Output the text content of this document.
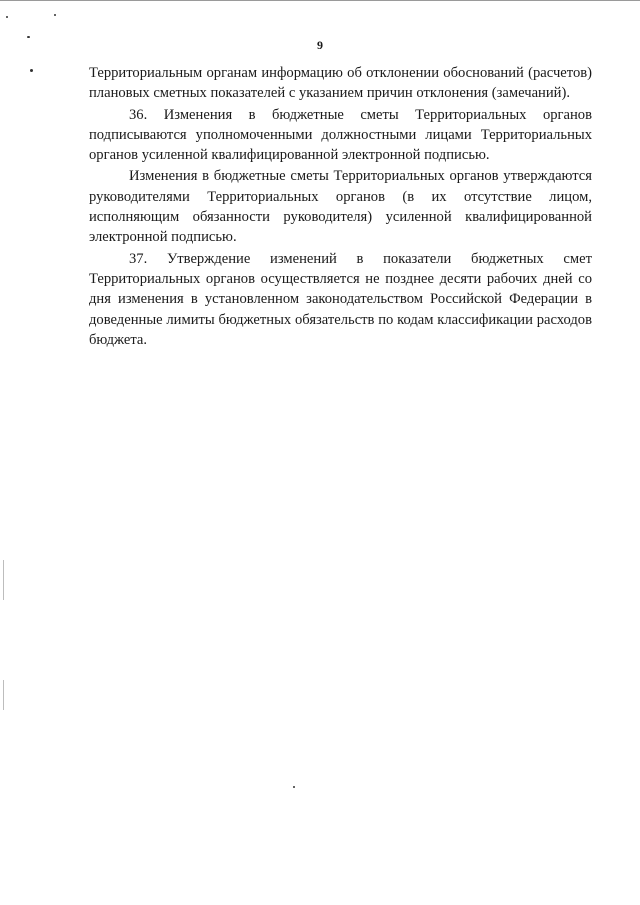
9

Территориальным органам информацию об отклонении обоснований (расчетов) плановых сметных показателей с указанием причин отклонения (замечаний).

36. Изменения в бюджетные сметы Территориальных органов подписываются уполномоченными должностными лицами Территориальных органов усиленной квалифицированной электронной подписью.

Изменения в бюджетные сметы Территориальных органов утверждаются руководителями Территориальных органов (в их отсутствие лицом, исполняющим обязанности руководителя) усиленной квалифицированной электронной подписью.

37. Утверждение изменений в показатели бюджетных смет Территориальных органов осуществляется не позднее десяти рабочих дней со дня изменения в установленном законодательством Российской Федерации в доведенные лимиты бюджетных обязательств по кодам классификации расходов бюджета.
